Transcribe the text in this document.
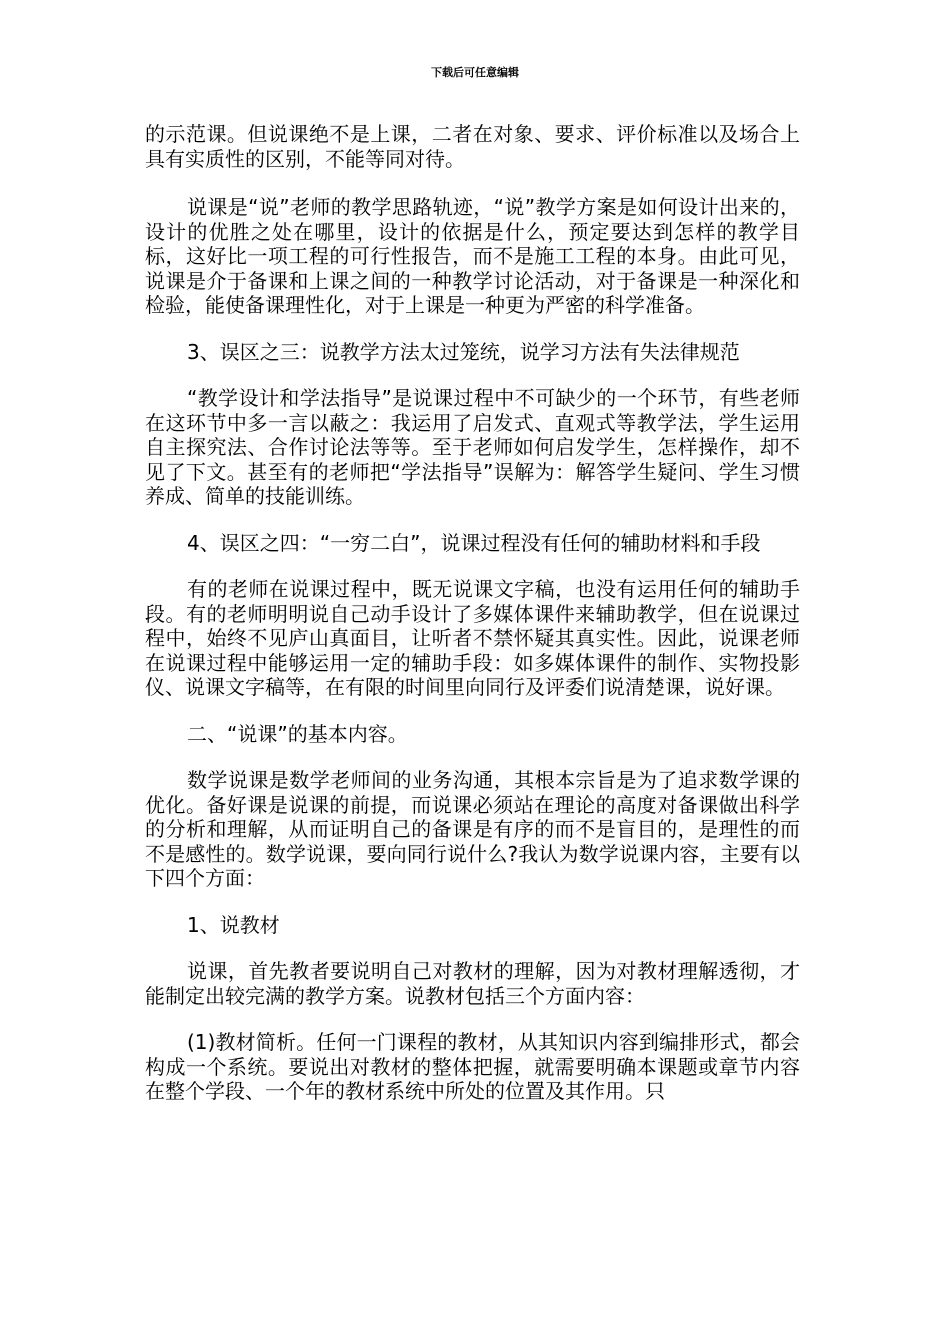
下载后可任意编辑

的示范课。但说课绝不是上课，二者在对象、要求、评价标准以及场合上具有实质性的区别，不能等同对待。

说课是“说”老师的教学思路轨迹，“说”教学方案是如何设计出来的，设计的优胜之处在哪里，设计的依据是什么，预定要达到怎样的教学目标，这好比一项工程的可行性报告，而不是施工工程的本身。由此可见，说课是介于备课和上课之间的一种教学讨论活动，对于备课是一种深化和检验，能使备课理性化，对于上课是一种更为严密的科学准备。

3、误区之三：说教学方法太过笼统，说学习方法有失法律规范

“教学设计和学法指导”是说课过程中不可缺少的一个环节，有些老师在这环节中多一言以蔽之：我运用了启发式、直观式等教学法，学生运用自主探究法、合作讨论法等等。至于老师如何启发学生，怎样操作，却不见了下文。甚至有的老师把“学法指导”误解为：解答学生疑问、学生习惯养成、简单的技能训练。

4、误区之四：“一穷二白”，说课过程没有任何的辅助材料和手段

有的老师在说课过程中，既无说课文字稿，也没有运用任何的辅助手段。有的老师明明说自己动手设计了多媒体课件来辅助教学，但在说课过程中，始终不见庐山真面目，让听者不禁怀疑其真实性。因此，说课老师在说课过程中能够运用一定的辅助手段：如多媒体课件的制作、实物投影仪、说课文字稿等，在有限的时间里向同行及评委们说清楚课，说好课。

二、“说课”的基本内容。

数学说课是数学老师间的业务沟通，其根本宗旨是为了追求数学课的优化。备好课是说课的前提，而说课必须站在理论的高度对备课做出科学的分析和理解，从而证明自己的备课是有序的而不是盲目的，是理性的而不是感性的。数学说课，要向同行说什么?我认为数学说课内容，主要有以下四个方面：

1、说教材

说课，首先教者要说明自己对教材的理解，因为对教材理解透彻，才能制定出较完满的教学方案。说教材包括三个方面内容：

(1)教材简析。任何一门课程的教材，从其知识内容到编排形式，都会构成一个系统。要说出对教材的整体把握，就需要明确本课题或章节内容在整个学段、一个年的教材系统中所处的位置及其作用。只
